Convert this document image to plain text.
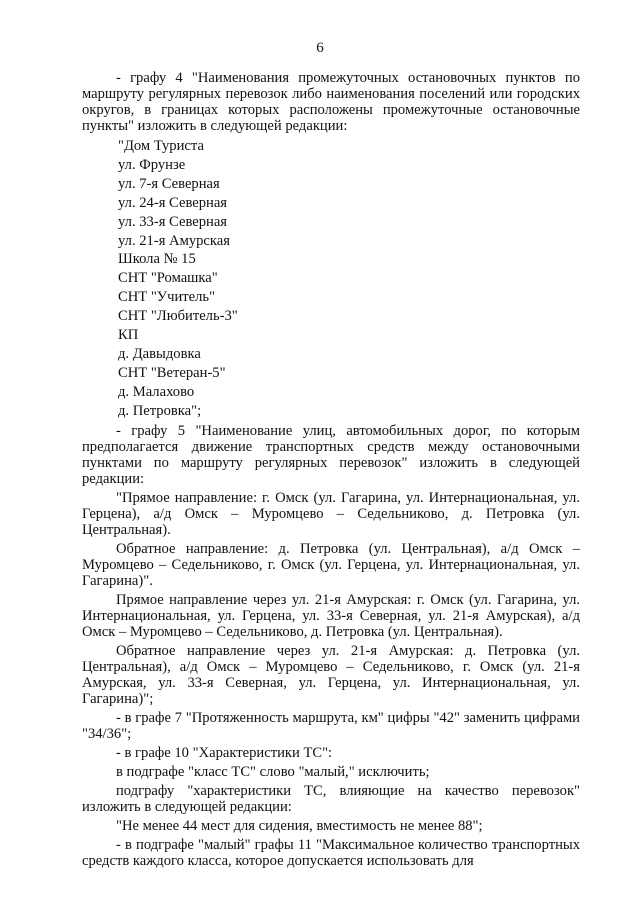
6

- графу 4 "Наименования промежуточных остановочных пунктов по маршруту регулярных перевозок либо наименования поселений или городских округов, в границах которых расположены промежуточные остановочные пункты" изложить в следующей редакции:

"Дом Туриста
ул. Фрунзе
ул. 7-я Северная
ул. 24-я Северная
ул. 33-я Северная
ул. 21-я Амурская
Школа № 15
СНТ "Ромашка"
СНТ "Учитель"
СНТ "Любитель-3"
КП
д. Давыдовка
СНТ "Ветеран-5"
д. Малахово
д. Петровка";

- графу 5 "Наименование улиц, автомобильных дорог, по которым предполагается движение транспортных средств между остановочными пунктами по маршруту регулярных перевозок" изложить в следующей редакции:

"Прямое направление: г. Омск (ул. Гагарина, ул. Интернациональная, ул. Герцена), а/д Омск – Муромцево – Седельниково, д. Петровка (ул. Центральная).

Обратное направление: д. Петровка (ул. Центральная), а/д Омск – Муромцево – Седельниково, г. Омск (ул. Герцена, ул. Интернациональная, ул. Гагарина)".

Прямое направление через ул. 21-я Амурская: г. Омск (ул. Гагарина, ул. Интернациональная, ул. Герцена, ул. 33-я Северная, ул. 21-я Амурская), а/д Омск – Муромцево – Седельниково, д. Петровка (ул. Центральная).

Обратное направление через ул. 21-я Амурская: д. Петровка (ул. Центральная), а/д Омск – Муромцево – Седельниково, г. Омск (ул. 21-я Амурская, ул. 33-я Северная, ул. Герцена, ул. Интернациональная, ул. Гагарина)";

- в графе 7 "Протяженность маршрута, км" цифры "42" заменить цифрами "34/36";

- в графе 10 "Характеристики ТС":

в подграфе "класс ТС" слово "малый," исключить;

подграфу "характеристики ТС, влияющие на качество перевозок" изложить в следующей редакции:

"Не менее 44 мест для сидения, вместимость не менее 88";

- в подграфе "малый" графы 11 "Максимальное количество транспортных средств каждого класса, которое допускается использовать для
